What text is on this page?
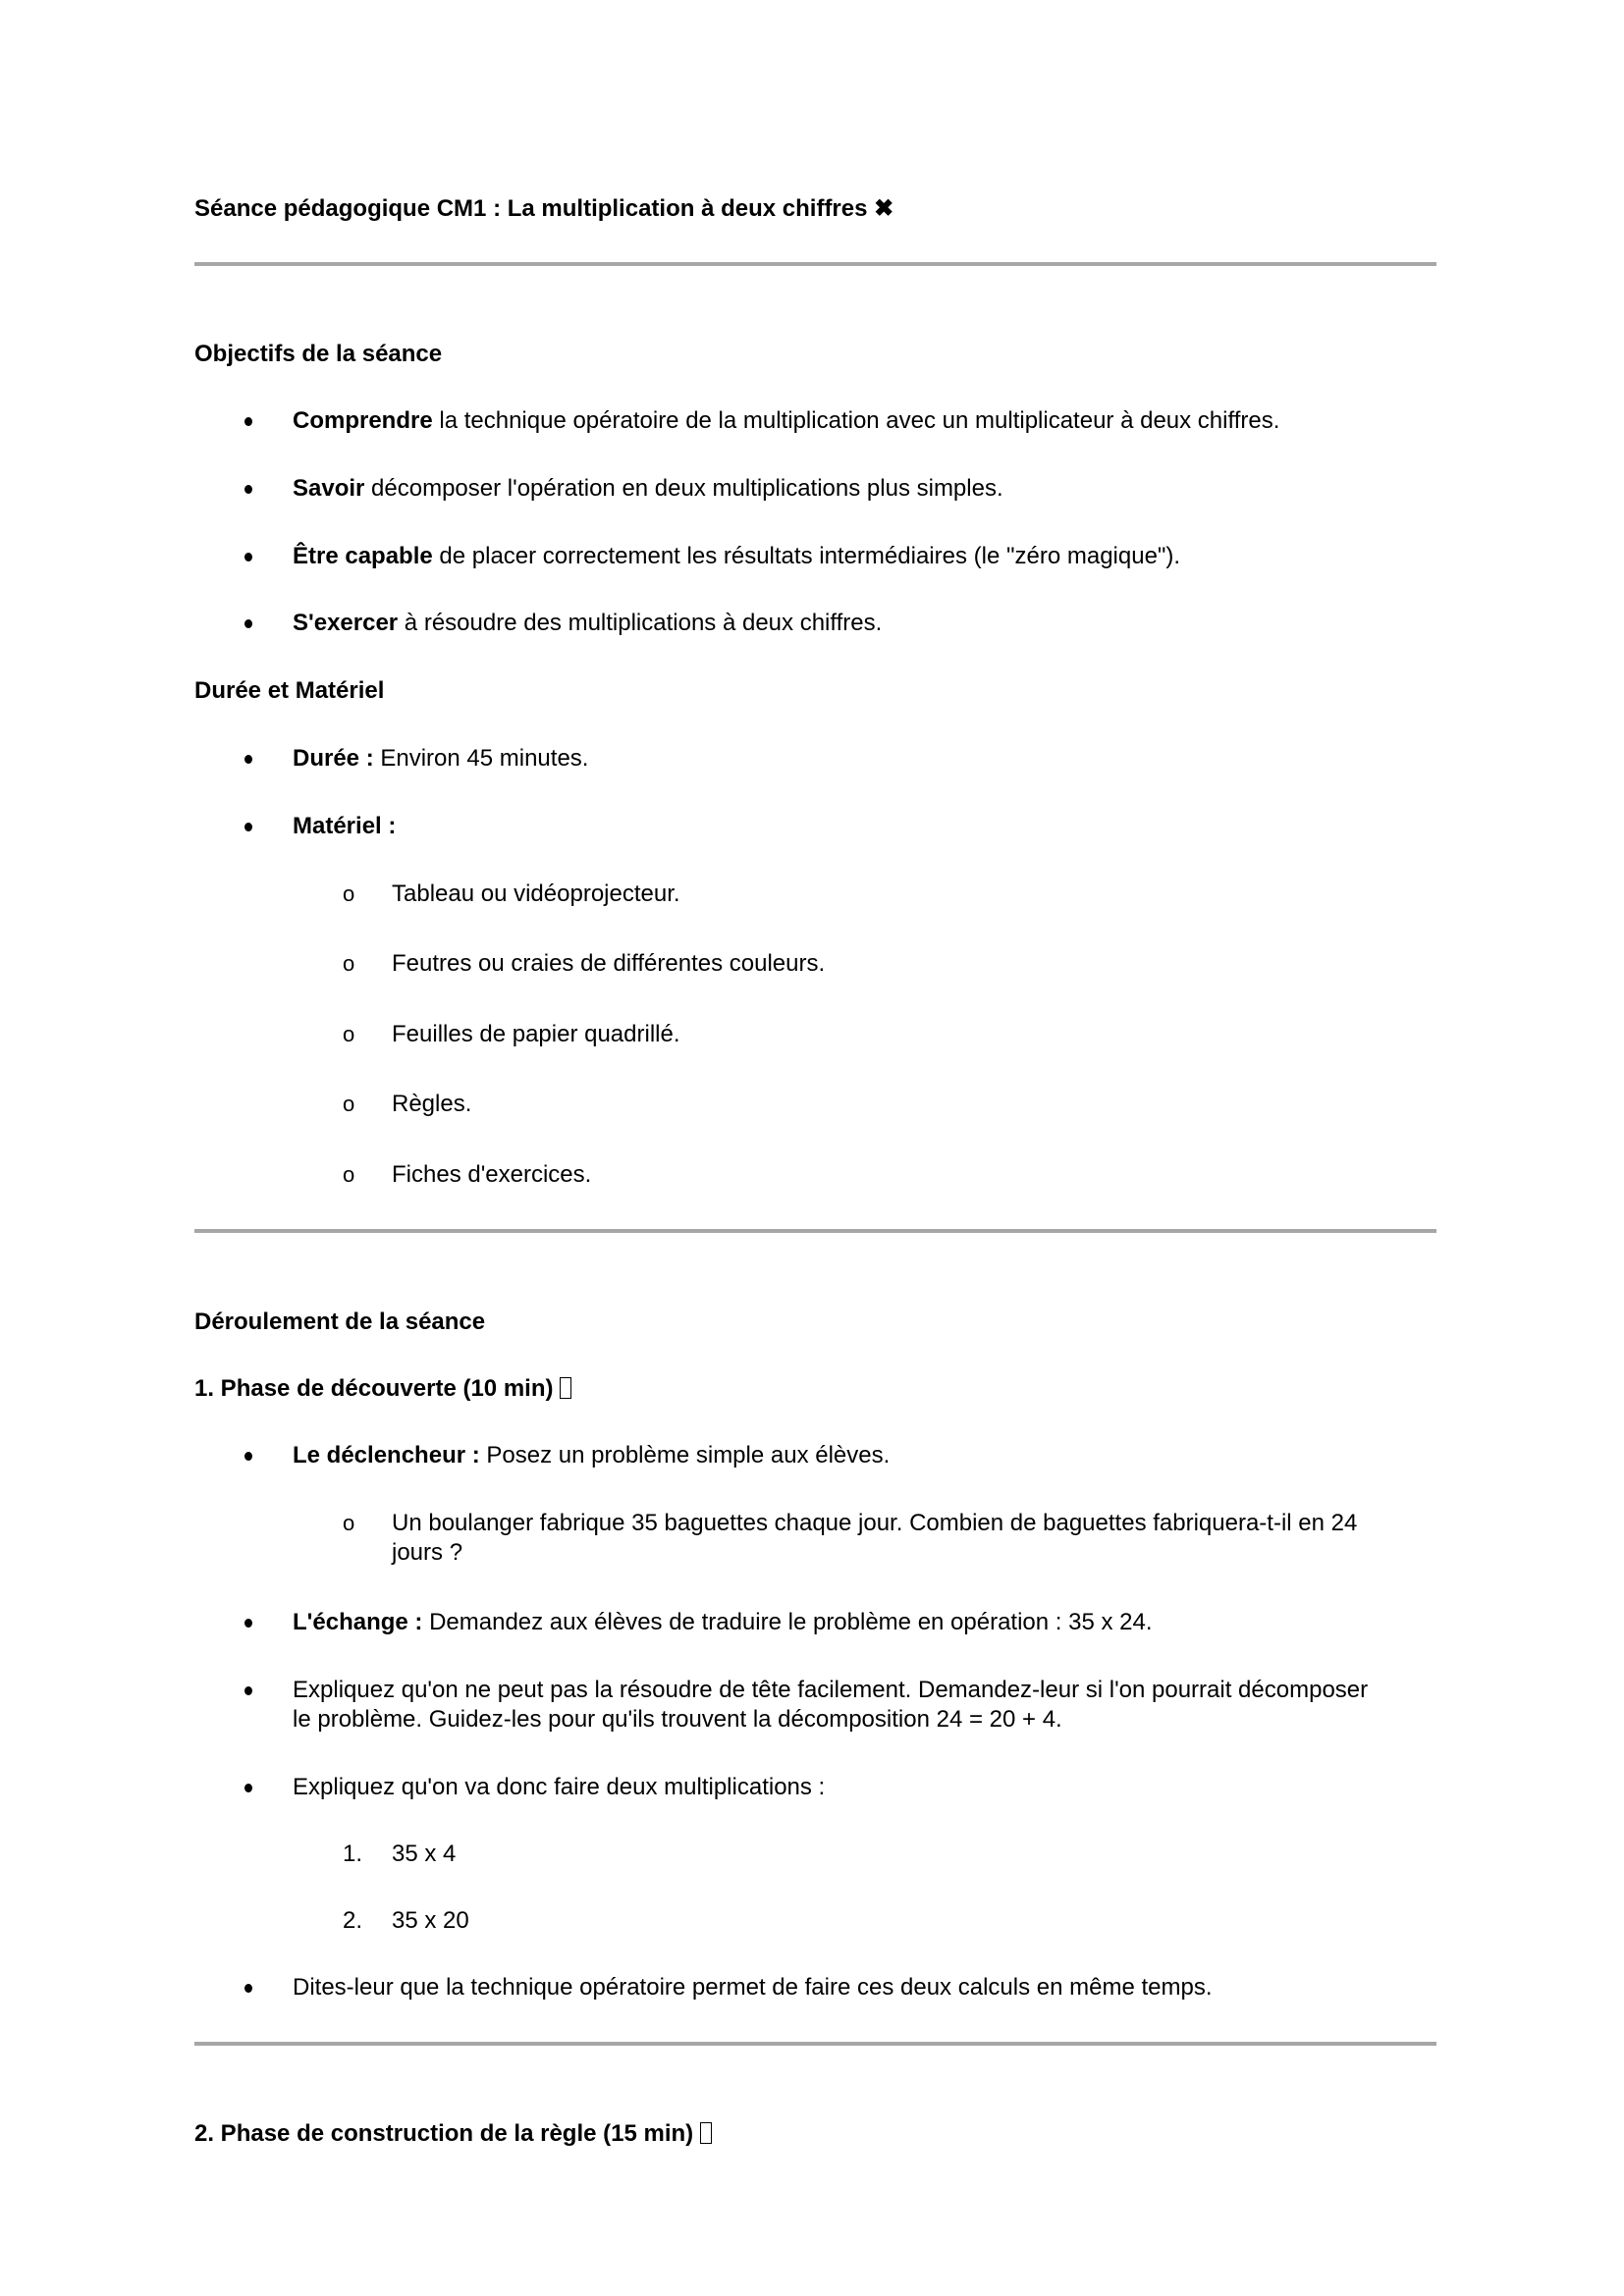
Séance pédagogique CM1 : La multiplication à deux chiffres ✖
Objectifs de la séance
Comprendre la technique opératoire de la multiplication avec un multiplicateur à deux chiffres.
Savoir décomposer l'opération en deux multiplications plus simples.
Être capable de placer correctement les résultats intermédiaires (le "zéro magique").
S'exercer à résoudre des multiplications à deux chiffres.
Durée et Matériel
Durée : Environ 45 minutes.
Matériel :
o Tableau ou vidéoprojecteur.
o Feutres ou craies de différentes couleurs.
o Feuilles de papier quadrillé.
o Règles.
o Fiches d'exercices.
Déroulement de la séance
1. Phase de découverte (10 min)
Le déclencheur : Posez un problème simple aux élèves.
o Un boulanger fabrique 35 baguettes chaque jour. Combien de baguettes fabriquera-t-il en 24
jours ?
L'échange : Demandez aux élèves de traduire le problème en opération : 35 x 24.
Expliquez qu'on ne peut pas la résoudre de tête facilement. Demandez-leur si l'on pourrait décomposer
le problème. Guidez-les pour qu'ils trouvent la décomposition 24 = 20 + 4.
Expliquez qu'on va donc faire deux multiplications :
1. 35 x 4
2. 35 x 20
Dites-leur que la technique opératoire permet de faire ces deux calculs en même temps.
2. Phase de construction de la règle (15 min)
